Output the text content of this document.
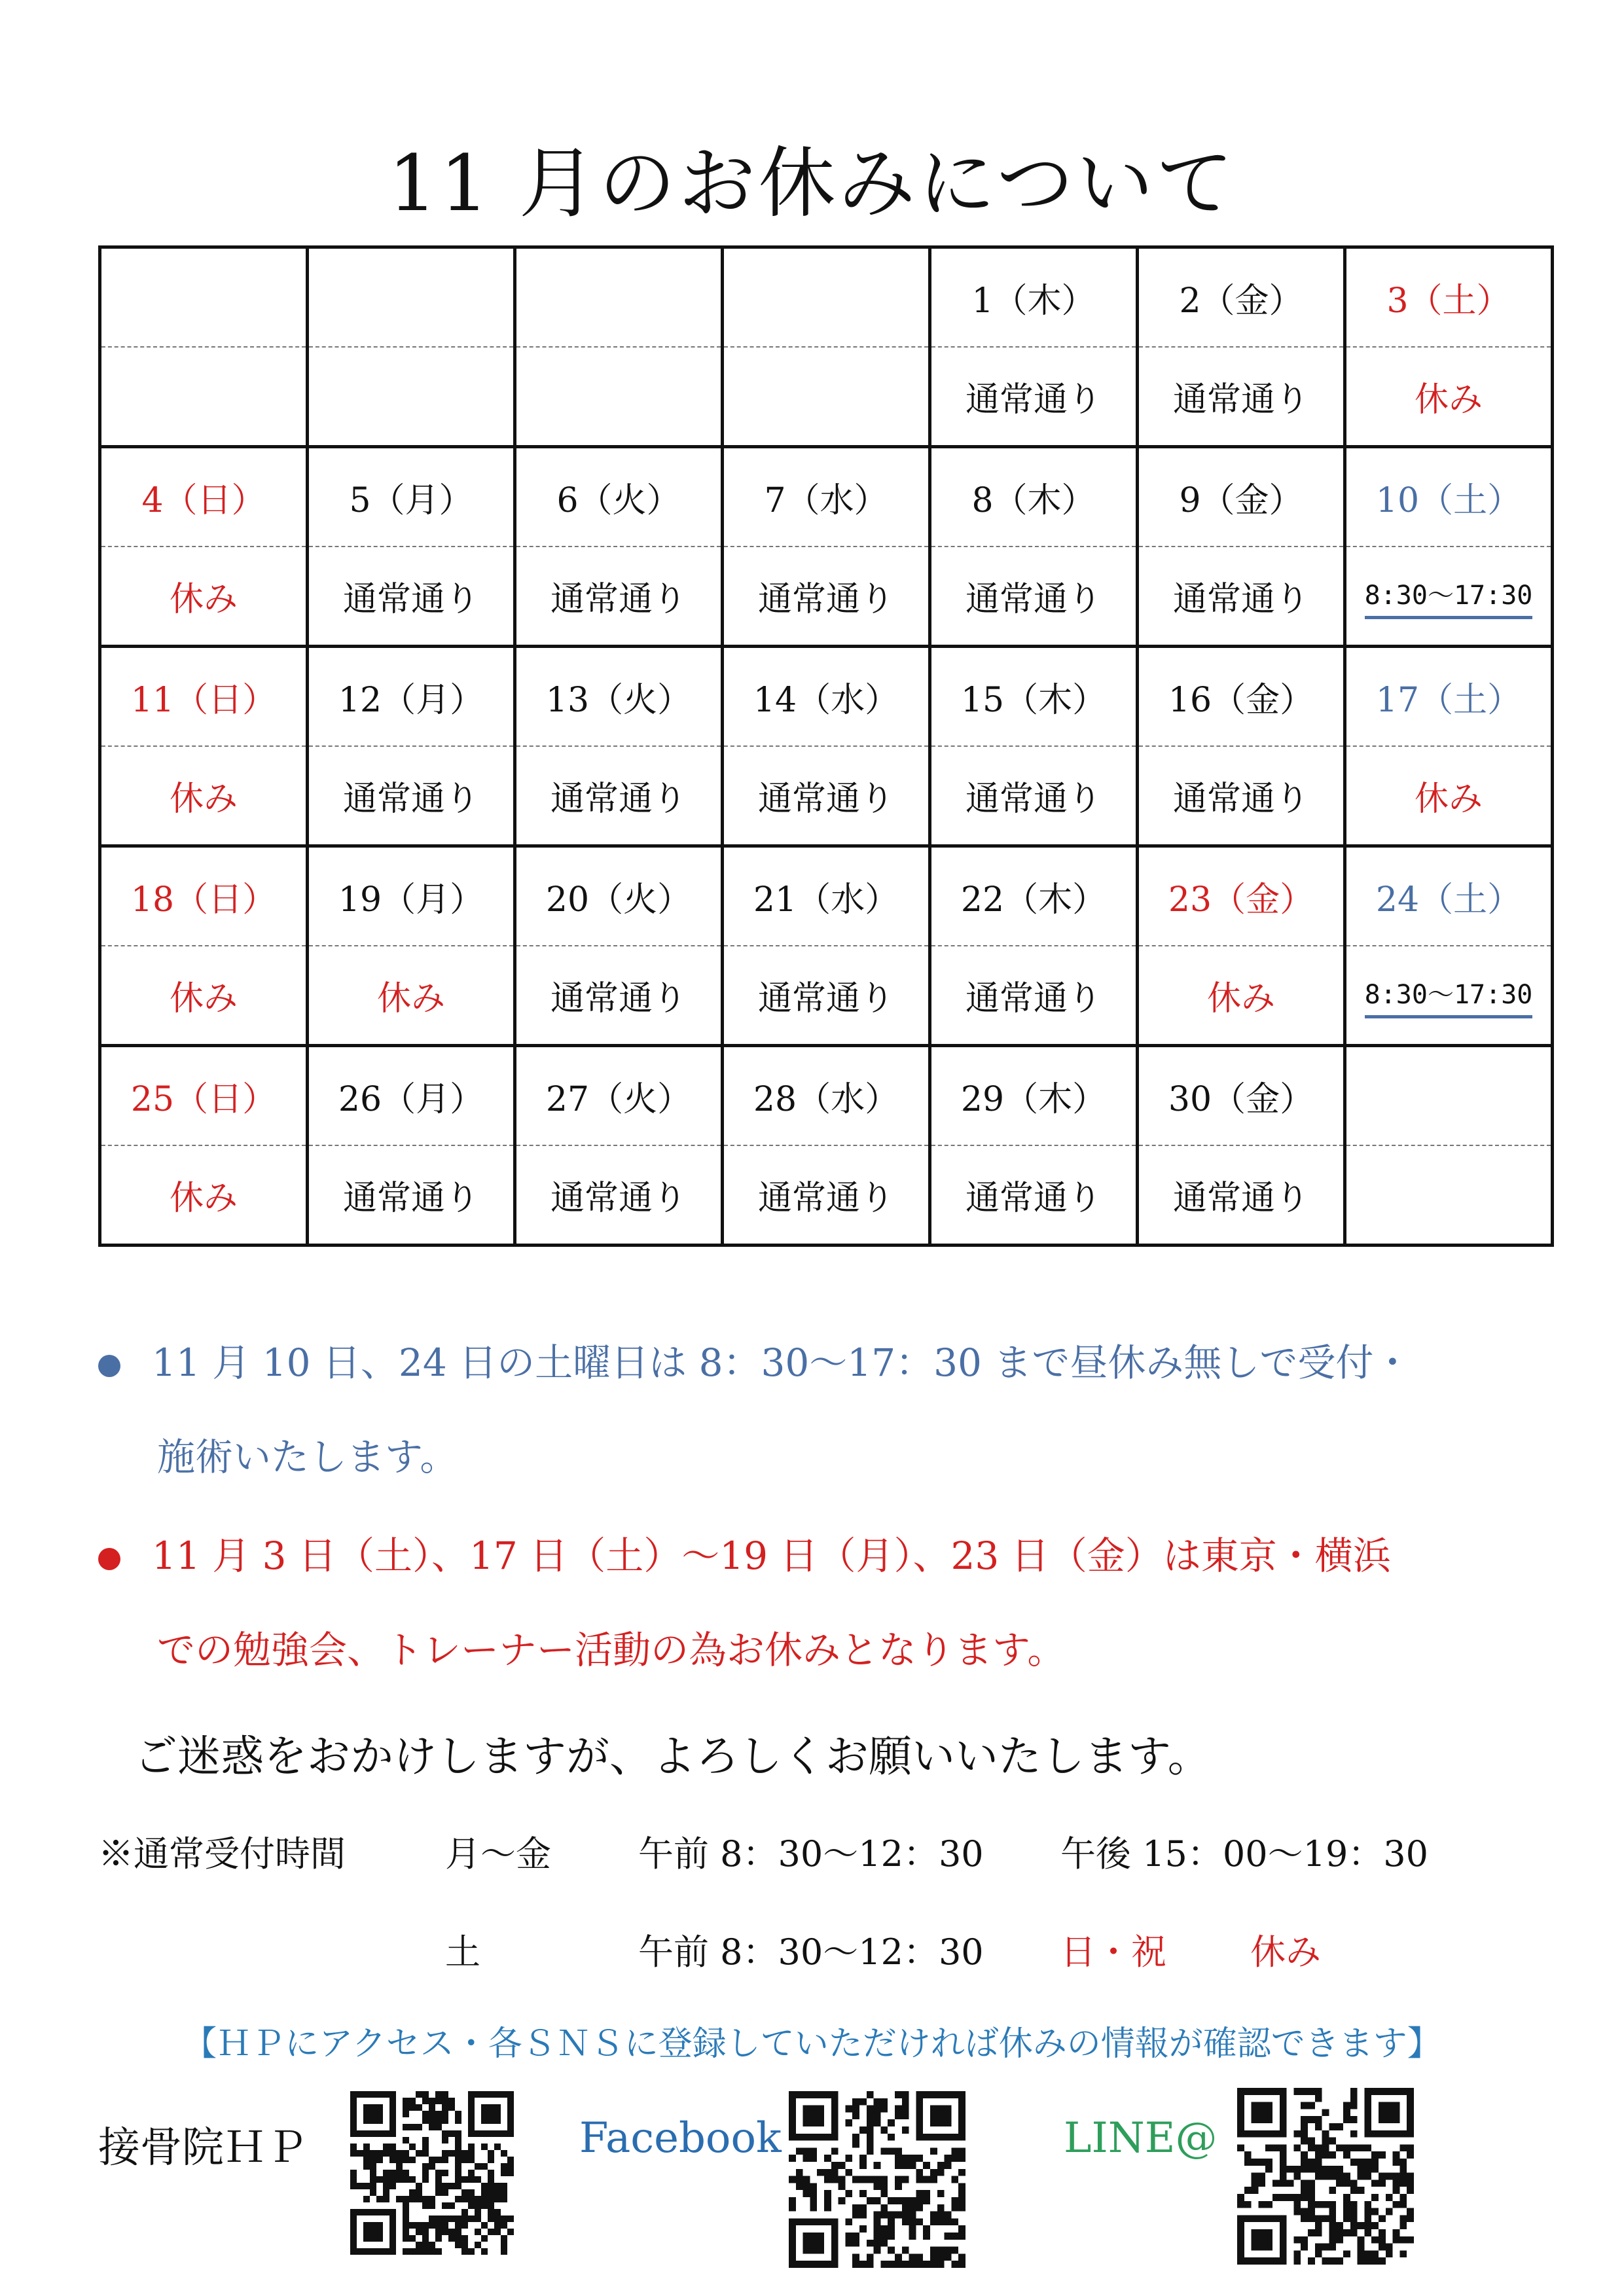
11 月のお休みについて
				1（木）	2（金）	3（土）
				通常通り	通常通り	休み
4（日）	5（月）	6（火）	7（水）	8（木）	9（金）	10（土）
休み	通常通り	通常通り	通常通り	通常通り	通常通り	8:30〜17:30
11（日）	12（月）	13（火）	14（水）	15（木）	16（金）	17（土）
休み	通常通り	通常通り	通常通り	通常通り	通常通り	休み
18（日）	19（月）	20（火）	21（水）	22（木）	23（金）	24（土）
休み	休み	通常通り	通常通り	通常通り	休み	8:30〜17:30
25（日）	26（月）	27（火）	28（水）	29（木）	30（金）	
休み	通常通り	通常通り	通常通り	通常通り	通常通り	
11 月 10 日、24 日の土曜日は 8：30〜17：30 まで昼休み無しで受付・
施術いたします。
11 月 3 日（土）、17 日（土）〜19 日（月）、23 日（金）は東京・横浜
での勉強会、トレーナー活動の為お休みとなります。
ご迷惑をおかけしますが、よろしくお願いいたします。
※通常受付時間	月〜金 午前 8：30〜12：30 午後 15：00〜19：30
土	午前 8：30〜12：30 日・祝 休み
【ＨＰにアクセス・各ＳＮＳに登録していただければ休みの情報が確認できます】
接骨院ＨＰ	Facebook	LINE@
